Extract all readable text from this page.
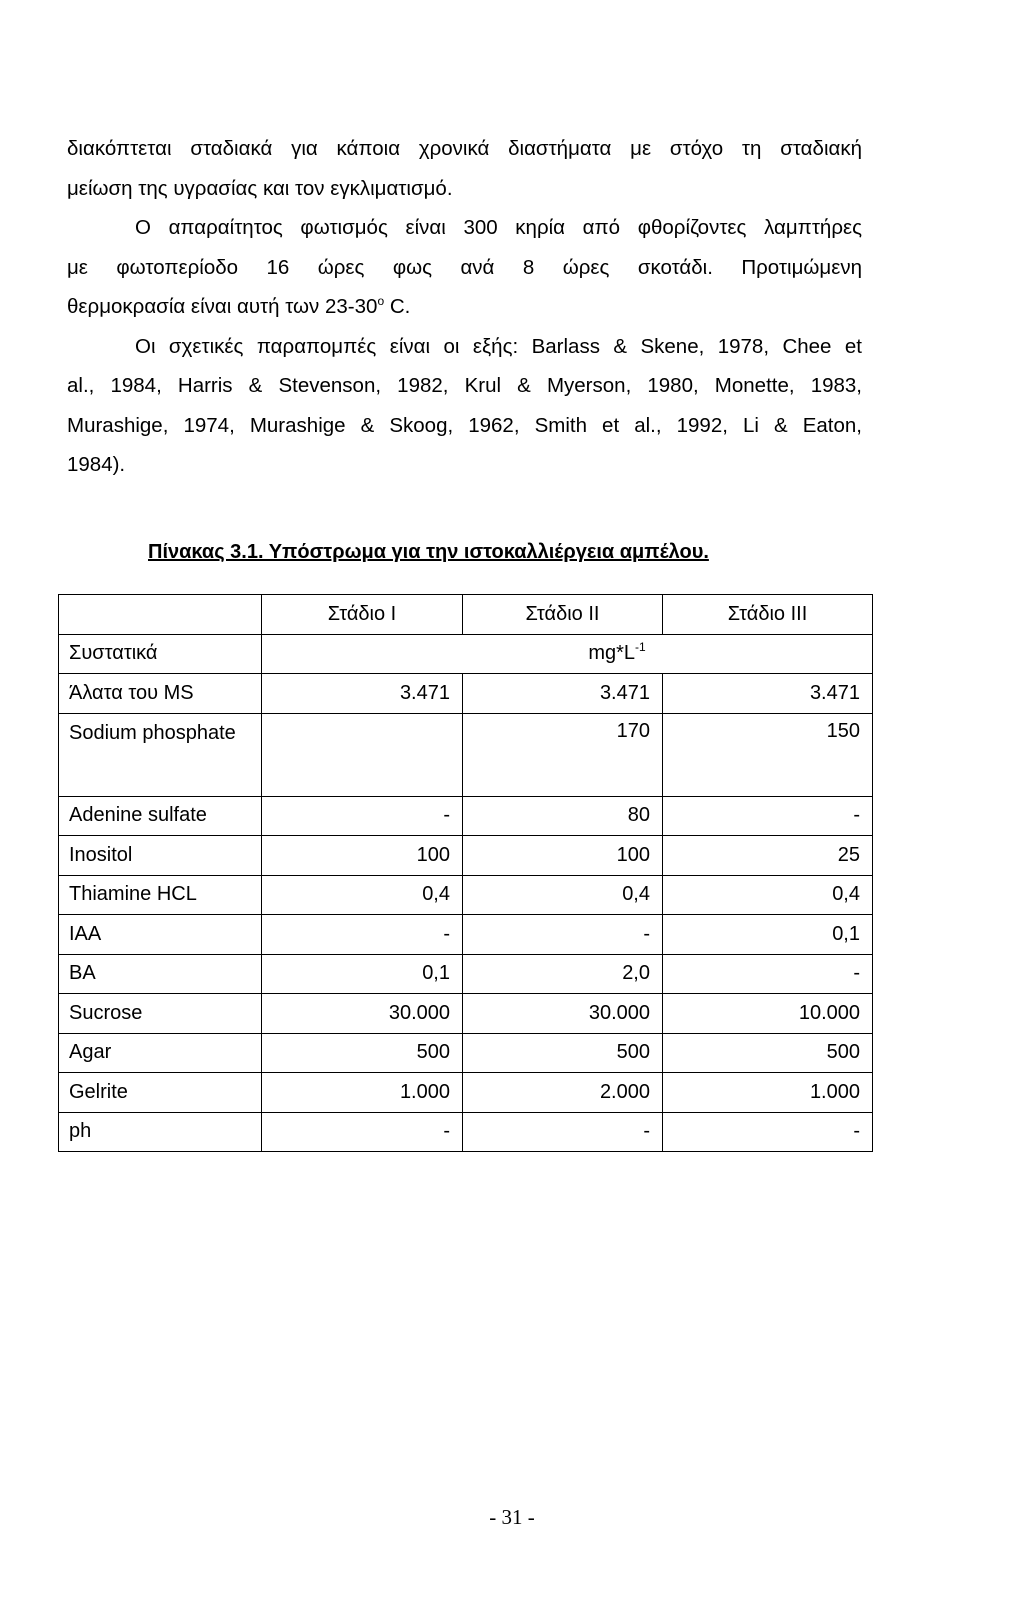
διακόπτεται σταδιακά για κάποια χρονικά διαστήματα με στόχο τη σταδιακή
μείωση της υγρασίας και τον εγκλιματισμό.
Ο απαραίτητος φωτισμός είναι 300 κηρία από φθορίζοντες λαμπτήρες
με φωτοπερίοδο 16 ώρες φως ανά 8 ώρες σκοτάδι. Προτιμώμενη
θερμοκρασία είναι αυτή των $23-30^o$ C.
Οι σχετικές παραπομπές είναι οι εξής: Barlass & Skene, 1978, Chee et
al., 1984, Harris & Stevenson, 1982, Krul & Myerson, 1980, Monette, 1983,
Murashige, 1974, Murashige & Skoog, 1962, Smith et al., 1992, Li & Eaton,
1984).
Πίνακας 3.1. Υπόστρωμα για την ιστοκαλλιέργεια αμπέλου.
	Στάδιο Ι	Στάδιο ΙΙ	Στάδιο ΙΙΙ
Συστατικά	$mg*L^{-1}$
Άλατα του MS	3.471	3.471	3.471
Sodium phosphate		170	150
Adenine sulfate	-	80	-
Inositol	100	100	25
Thiamine HCL	0,4	0,4	0,4
IAA	-	-	0,1
BA	0,1	2,0	-
Sucrose	30.000	30.000	10.000
Agar	500	500	500
Gelrite	1.000	2.000	1.000
ph	-	-	-
- 31 -
